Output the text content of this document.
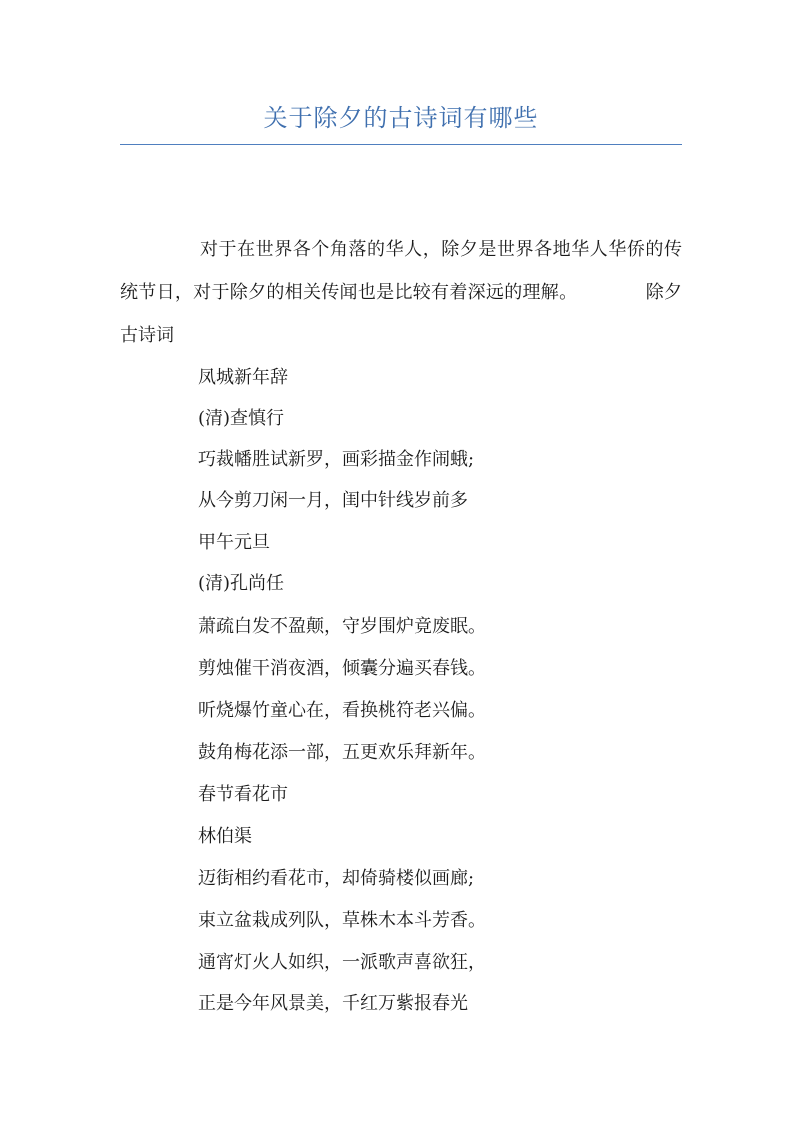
关于除夕的古诗词有哪些
对于在世界各个角落的华人，除夕是世界各地华人华侨的传统节日，对于除夕的相关传闻也是比较有着深远的理解。	除夕古诗词
凤城新年辞
(清)查慎行
巧裁幡胜试新罗，画彩描金作闹蛾;
从今剪刀闲一月，闺中针线岁前多
甲午元旦
(清)孔尚任
萧疏白发不盈颠，守岁围炉竟废眠。
剪烛催干消夜酒，倾囊分遍买春钱。
听烧爆竹童心在，看换桃符老兴偏。
鼓角梅花添一部，五更欢乐拜新年。
春节看花市
林伯渠
迈街相约看花市，却倚骑楼似画廊;
束立盆栽成列队，草株木本斗芳香。
通宵灯火人如织，一派歌声喜欲狂，
正是今年风景美，千红万紫报春光
